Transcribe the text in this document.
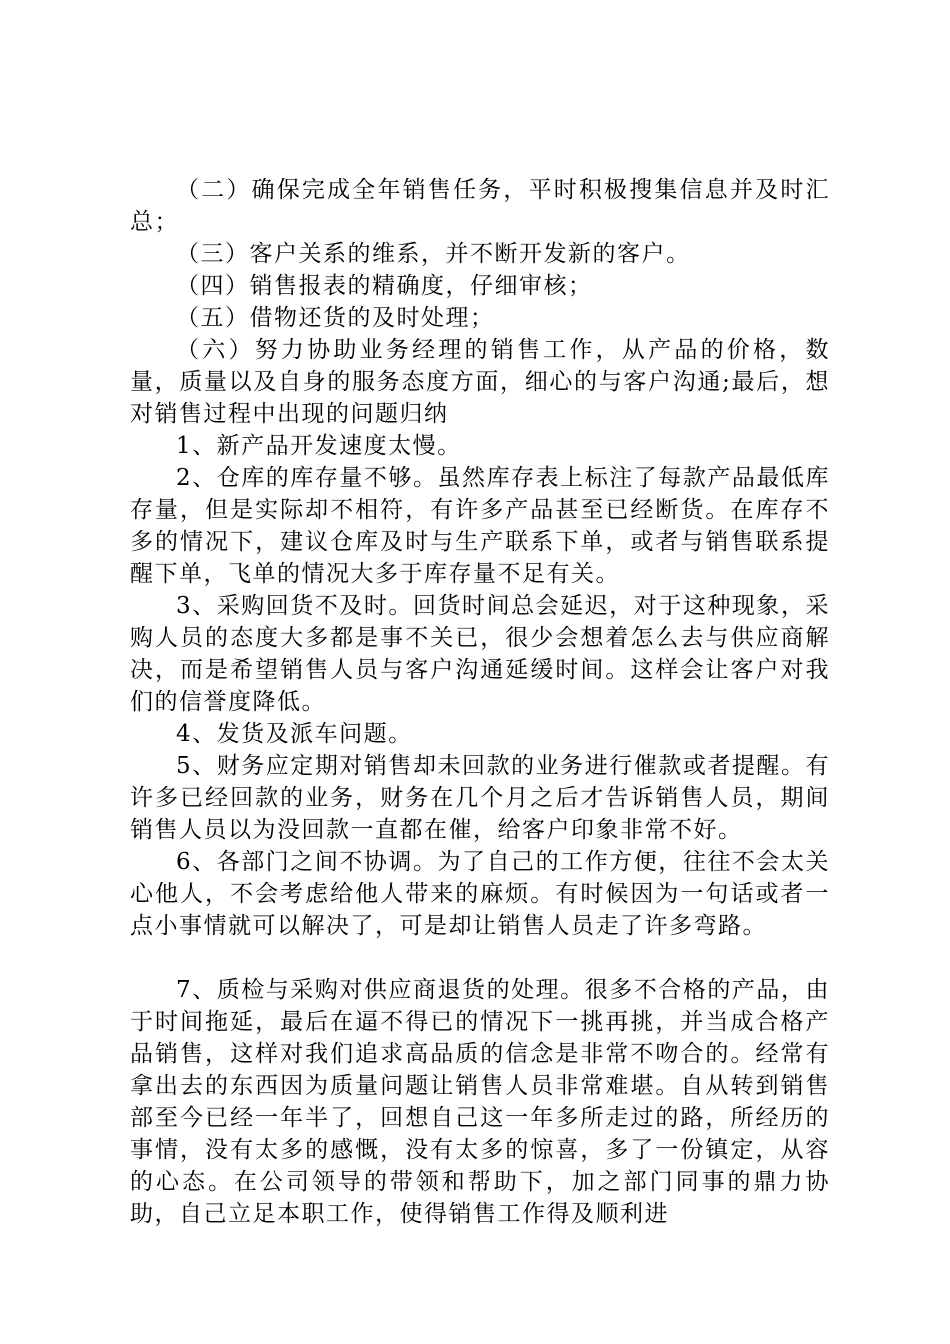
（二）确保完成全年销售任务，平时积极搜集信息并及时汇总；

（三）客户关系的维系，并不断开发新的客户。

（四）销售报表的精确度，仔细审核；

（五）借物还货的及时处理；

（六）努力协助业务经理的销售工作，从产品的价格，数量，质量以及自身的服务态度方面，细心的与客户沟通;最后，想对销售过程中出现的问题归纳

1、新产品开发速度太慢。

2、仓库的库存量不够。虽然库存表上标注了每款产品最低库存量，但是实际却不相符，有许多产品甚至已经断货。在库存不多的情况下，建议仓库及时与生产联系下单，或者与销售联系提醒下单，飞单的情况大多于库存量不足有关。

3、采购回货不及时。回货时间总会延迟，对于这种现象，采购人员的态度大多都是事不关已，很少会想着怎么去与供应商解决，而是希望销售人员与客户沟通延缓时间。这样会让客户对我们的信誉度降低。

4、发货及派车问题。

5、财务应定期对销售却未回款的业务进行催款或者提醒。有许多已经回款的业务，财务在几个月之后才告诉销售人员，期间销售人员以为没回款一直都在催，给客户印象非常不好。

6、各部门之间不协调。为了自己的工作方便，往往不会太关心他人，不会考虑给他人带来的麻烦。有时候因为一句话或者一点小事情就可以解决了，可是却让销售人员走了许多弯路。

7、质检与采购对供应商退货的处理。很多不合格的产品，由于时间拖延，最后在逼不得已的情况下一挑再挑，并当成合格产品销售，这样对我们追求高品质的信念是非常不吻合的。经常有拿出去的东西因为质量问题让销售人员非常难堪。自从转到销售部至今已经一年半了，回想自己这一年多所走过的路，所经历的事情，没有太多的感慨，没有太多的惊喜，多了一份镇定，从容的心态。在公司领导的带领和帮助下，加之部门同事的鼎力协助，自己立足本职工作，使得销售工作得及顺利进
